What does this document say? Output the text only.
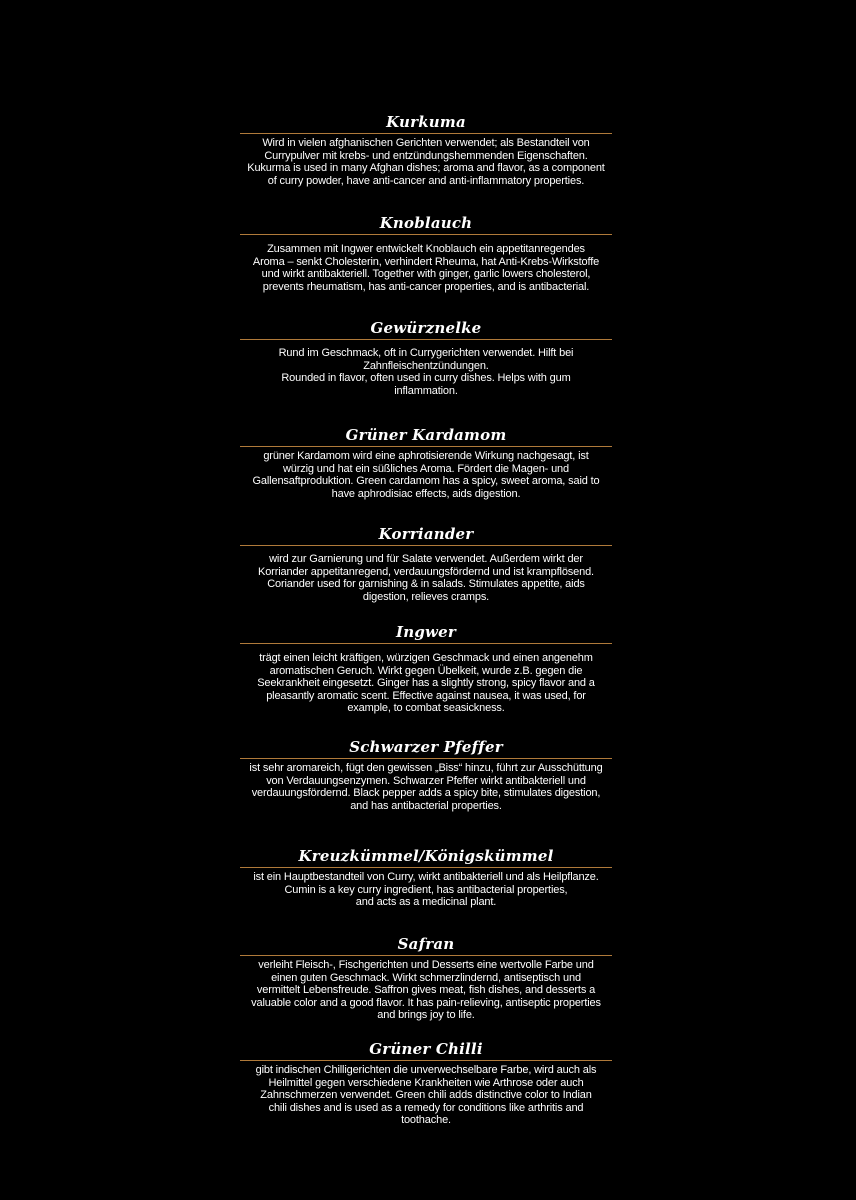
Kurkuma
Wird in vielen afghanischen Gerichten verwendet; als Bestandteil von
Currypulver mit krebs- und entzündungshemmenden Eigenschaften.
Kukurma is used in many Afghan dishes; aroma and flavor, as a component
of curry powder, have anti-cancer and anti-inflammatory properties.
Knoblauch
Zusammen mit Ingwer entwickelt Knoblauch ein appetitanregendes
Aroma – senkt Cholesterin, verhindert Rheuma, hat Anti-Krebs-Wirkstoffe
und wirkt antibakteriell. Together with ginger, garlic lowers cholesterol,
prevents rheumatism, has anti-cancer properties, and is antibacterial.
Gewürznelke
Rund im Geschmack, oft in Currygerichten verwendet. Hilft bei
Zahnfleischentzündungen.
Rounded in flavor, often used in curry dishes. Helps with gum
inflammation.
Grüner Kardamom
grüner Kardamom wird eine aphrotisierende Wirkung nachgesagt, ist
würzig und hat ein süßliches Aroma. Fördert die Magen- und
Gallensaftproduktion. Green cardamom has a spicy, sweet aroma, said to
have aphrodisiac effects, aids digestion.
Korriander
wird zur Garnierung und für Salate verwendet. Außerdem wirkt der
Korriander appetitanregend, verdauungsfördernd und ist krampflösend.
Coriander used for garnishing & in salads. Stimulates appetite, aids
digestion, relieves cramps.
Ingwer
trägt einen leicht kräftigen, würzigen Geschmack und einen angenehm
aromatischen Geruch. Wirkt gegen Übelkeit, wurde z.B. gegen die
Seekrankheit eingesetzt. Ginger has a slightly strong, spicy flavor and a
pleasantly aromatic scent. Effective against nausea, it was used, for
example, to combat seasickness.
Schwarzer Pfeffer
ist sehr aromareich, fügt den gewissen „Biss“ hinzu, führt zur Ausschüttung
von Verdauungsenzymen. Schwarzer Pfeffer wirkt antibakteriell und
verdauungsfördernd. Black pepper adds a spicy bite, stimulates digestion,
and has antibacterial properties.
Kreuzkümmel/Königskümmel
ist ein Hauptbestandteil von Curry, wirkt antibakteriell und als Heilpflanze.
Cumin is a key curry ingredient, has antibacterial properties,
and acts as a medicinal plant.
Safran
verleiht Fleisch-, Fischgerichten und Desserts eine wertvolle Farbe und
einen guten Geschmack. Wirkt schmerzlindernd, antiseptisch und
vermittelt Lebensfreude. Saffron gives meat, fish dishes, and desserts a
valuable color and a good flavor. It has pain-relieving, antiseptic properties
and brings joy to life.
Grüner Chilli
gibt indischen Chilligerichten die unverwechselbare Farbe, wird auch als
Heilmittel gegen verschiedene Krankheiten wie Arthrose oder auch
Zahnschmerzen verwendet. Green chili adds distinctive color to Indian
chili dishes and is used as a remedy for conditions like arthritis and
toothache.
